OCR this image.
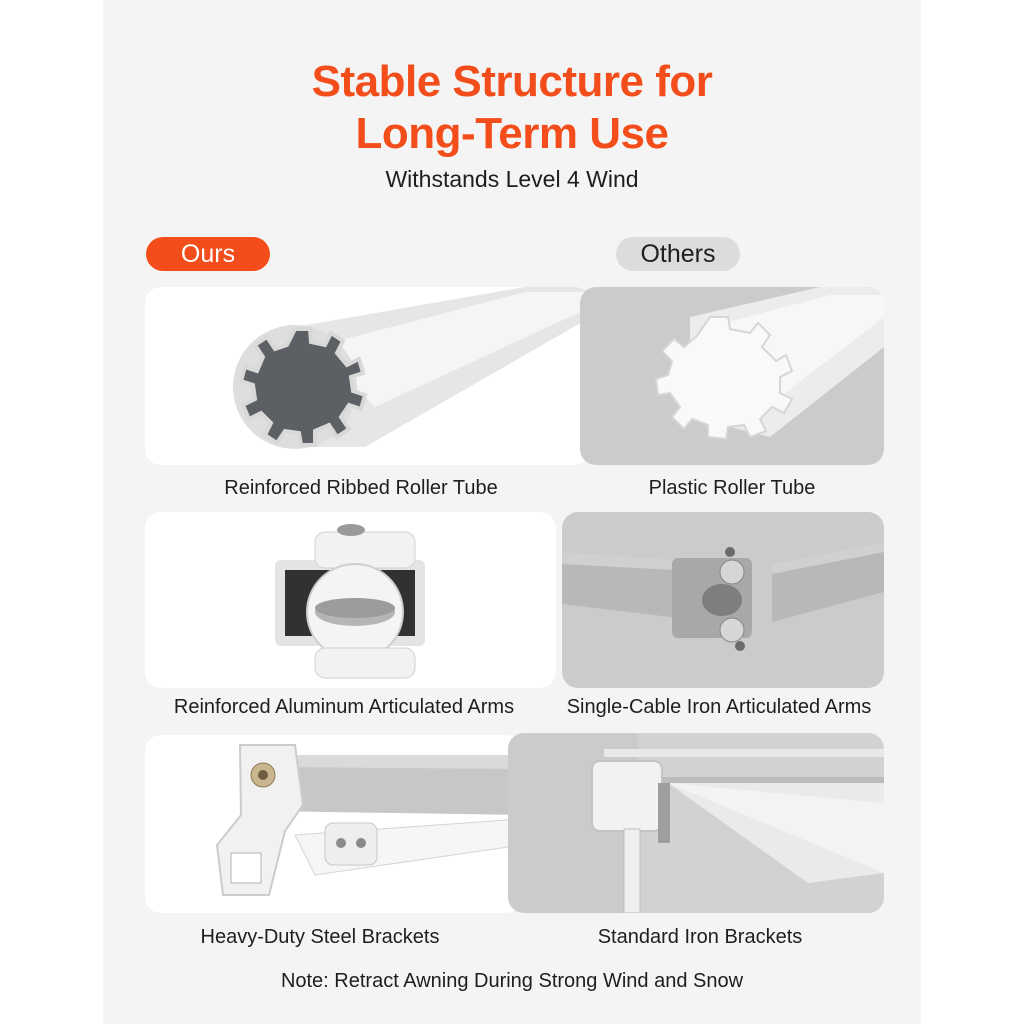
Stable Structure for
Long-Term Use
Withstands Level 4 Wind
Ours	Others
Reinforced Ribbed Roller Tube	Plastic Roller Tube
Reinforced Aluminum Articulated Arms	Single-Cable Iron Articulated Arms
Heavy-Duty Steel Brackets	Standard Iron Brackets
Note: Retract Awning During Strong Wind and Snow
